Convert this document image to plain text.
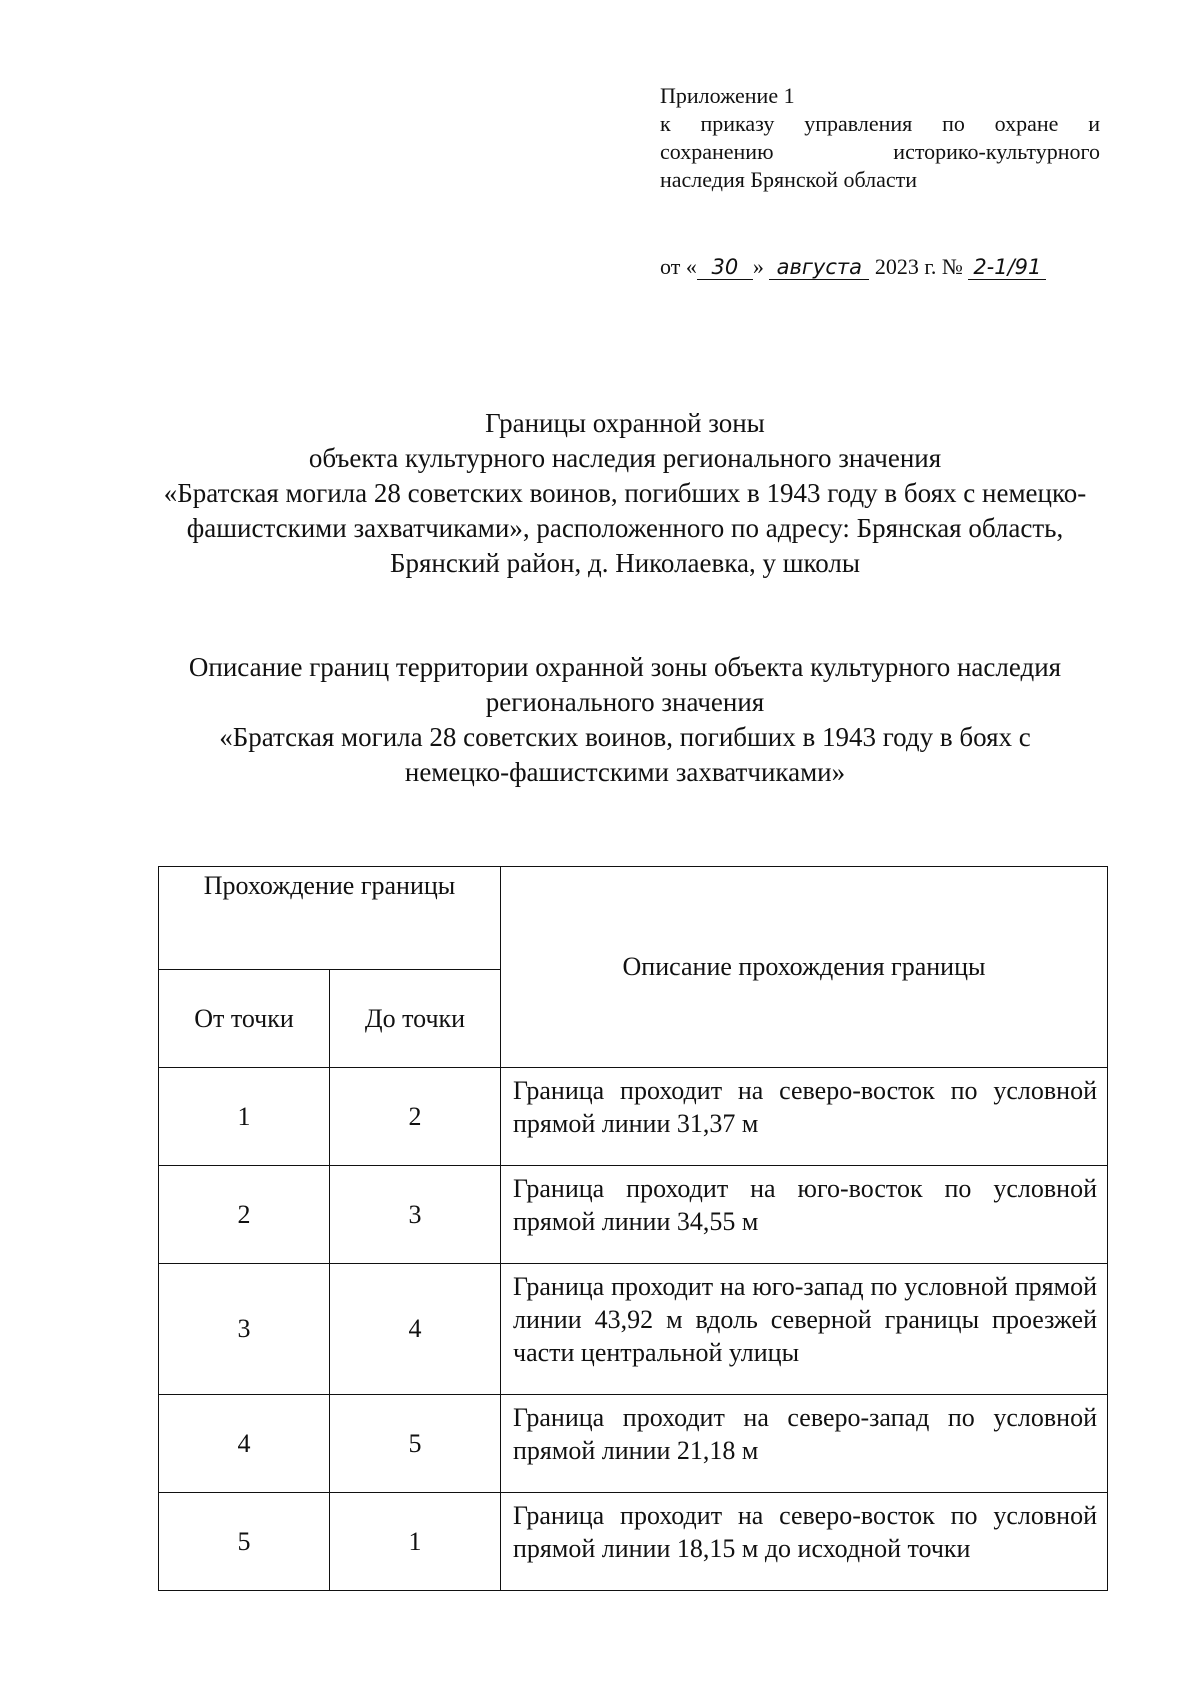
Приложение 1
к приказу управления по охране и
сохранению историко-культурного
наследия Брянской области
от « 30 » августа 2023 г. № 2-1/91
Границы охранной зоны
объекта культурного наследия регионального значения
«Братская могила 28 советских воинов, погибших в 1943 году в боях с немецко-
фашистскими захватчиками», расположенного по адресу: Брянская область,
Брянский район, д. Николаевка, у школы
Описание границ территории охранной зоны объекта культурного наследия
регионального значения
«Братская могила 28 советских воинов, погибших в 1943 году в боях с
немецко-фашистскими захватчиками»
Прохождение границы		Описание прохождения границы
От точки	До точки	
1	2	Граница проходит на северо-восток по условной прямой линии 31,37 м
2	3	Граница проходит на юго-восток по условной прямой линии 34,55 м
3	4	Граница проходит на юго-запад по условной прямой линии 43,92 м вдоль северной границы проезжей части центральной улицы
4	5	Граница проходит на северо-запад по условной прямой линии 21,18 м
5	1	Граница проходит на северо-восток по условной прямой линии 18,15 м до исходной точки
